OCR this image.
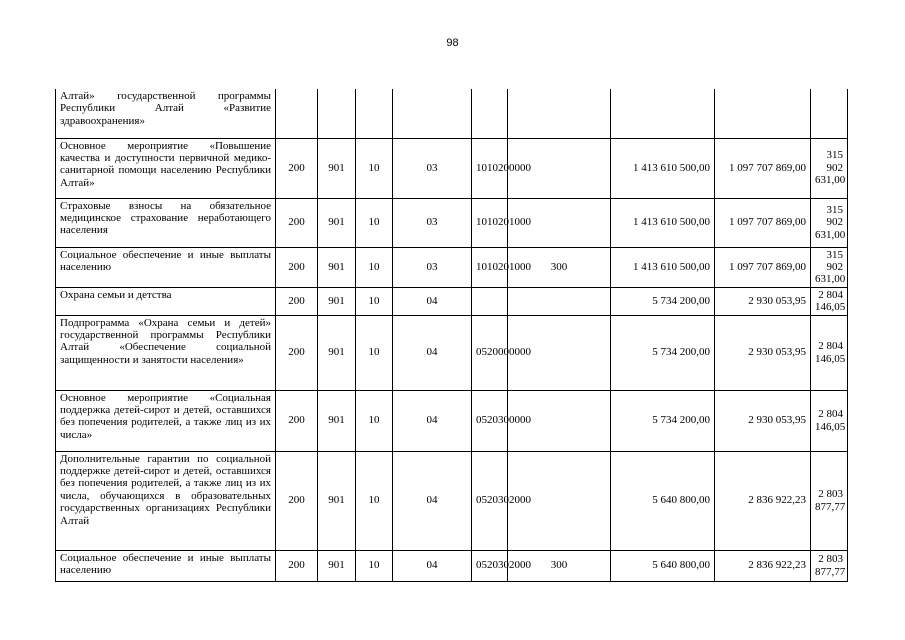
98
Алтай» государственной программы Республики Алтай «Развитие здравоохранения»									
Основное мероприятие «Повышение качества и доступности первичной медико-санитарной помощи населению Республики Алтай»	200	901	10	03	1010200000		1 413 610 500,00	1 097 707 869,00	315 902 631,00
Страховые взносы на обязательное медицинское страхование неработающего населения	200	901	10	03	1010201000		1 413 610 500,00	1 097 707 869,00	315 902 631,00
Социальное обеспечение и иные выплаты населению	200	901	10	03	1010201000	300	1 413 610 500,00	1 097 707 869,00	315 902 631,00
Охрана семьи и детства	200	901	10	04			5 734 200,00	2 930 053,95	2 804 146,05
Подпрограмма «Охрана семьи и детей» государственной программы Республики Алтай «Обеспечение социальной защищенности и занятости населения»	200	901	10	04	0520000000		5 734 200,00	2 930 053,95	2 804 146,05
Основное мероприятие «Социальная поддержка детей-сирот и детей, оставшихся без попечения родителей, а также лиц из их числа»	200	901	10	04	0520300000		5 734 200,00	2 930 053,95	2 804 146,05
Дополнительные гарантии по социальной поддержке детей-сирот и детей, оставшихся без попечения родителей, а также лиц из их числа, обучающихся в образовательных государственных организациях Республики Алтай	200	901	10	04	0520302000		5 640 800,00	2 836 922,23	2 803 877,77
Социальное обеспечение и иные выплаты населению	200	901	10	04	0520302000	300	5 640 800,00	2 836 922,23	2 803 877,77
